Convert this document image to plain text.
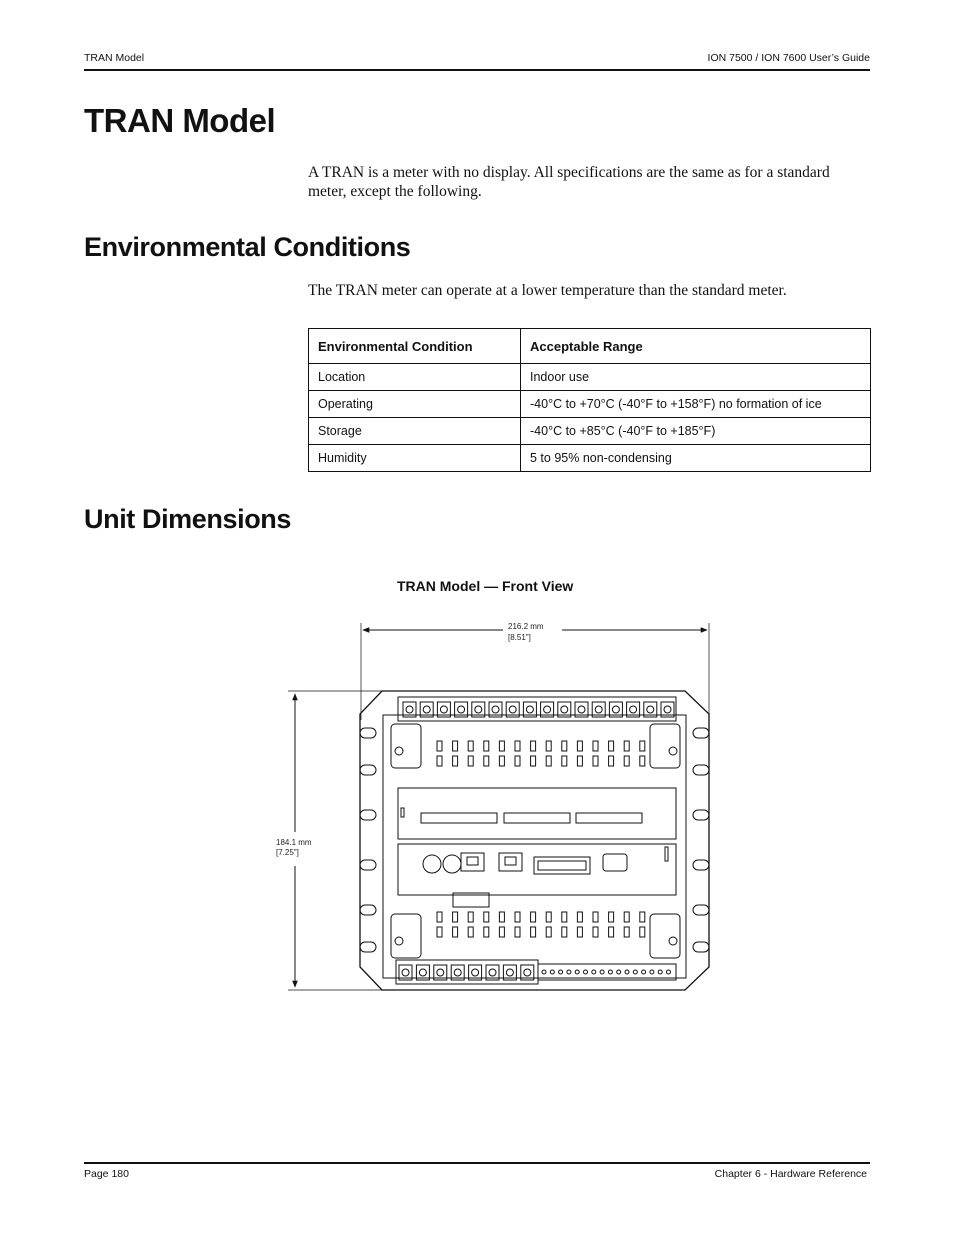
TRAN Model	ION 7500 / ION 7600 User’s Guide
TRAN Model
A TRAN is a meter with no display. All specifications are the same as for a standard meter, except the following.
Environmental Conditions
The TRAN meter can operate at a lower temperature than the standard meter.
Environmental Condition	Acceptable Range
Location	Indoor use
Operating	-40°C to +70°C (-40°F to +158°F) no formation of ice
Storage	-40°C to +85°C (-40°F to +185°F)
Humidity	5 to 95% non-condensing
Unit Dimensions
TRAN Model — Front View
216.2 mm
[8.51"]
184.1 mm
[7.25"]
Page 180	Chapter 6 - Hardware Reference
